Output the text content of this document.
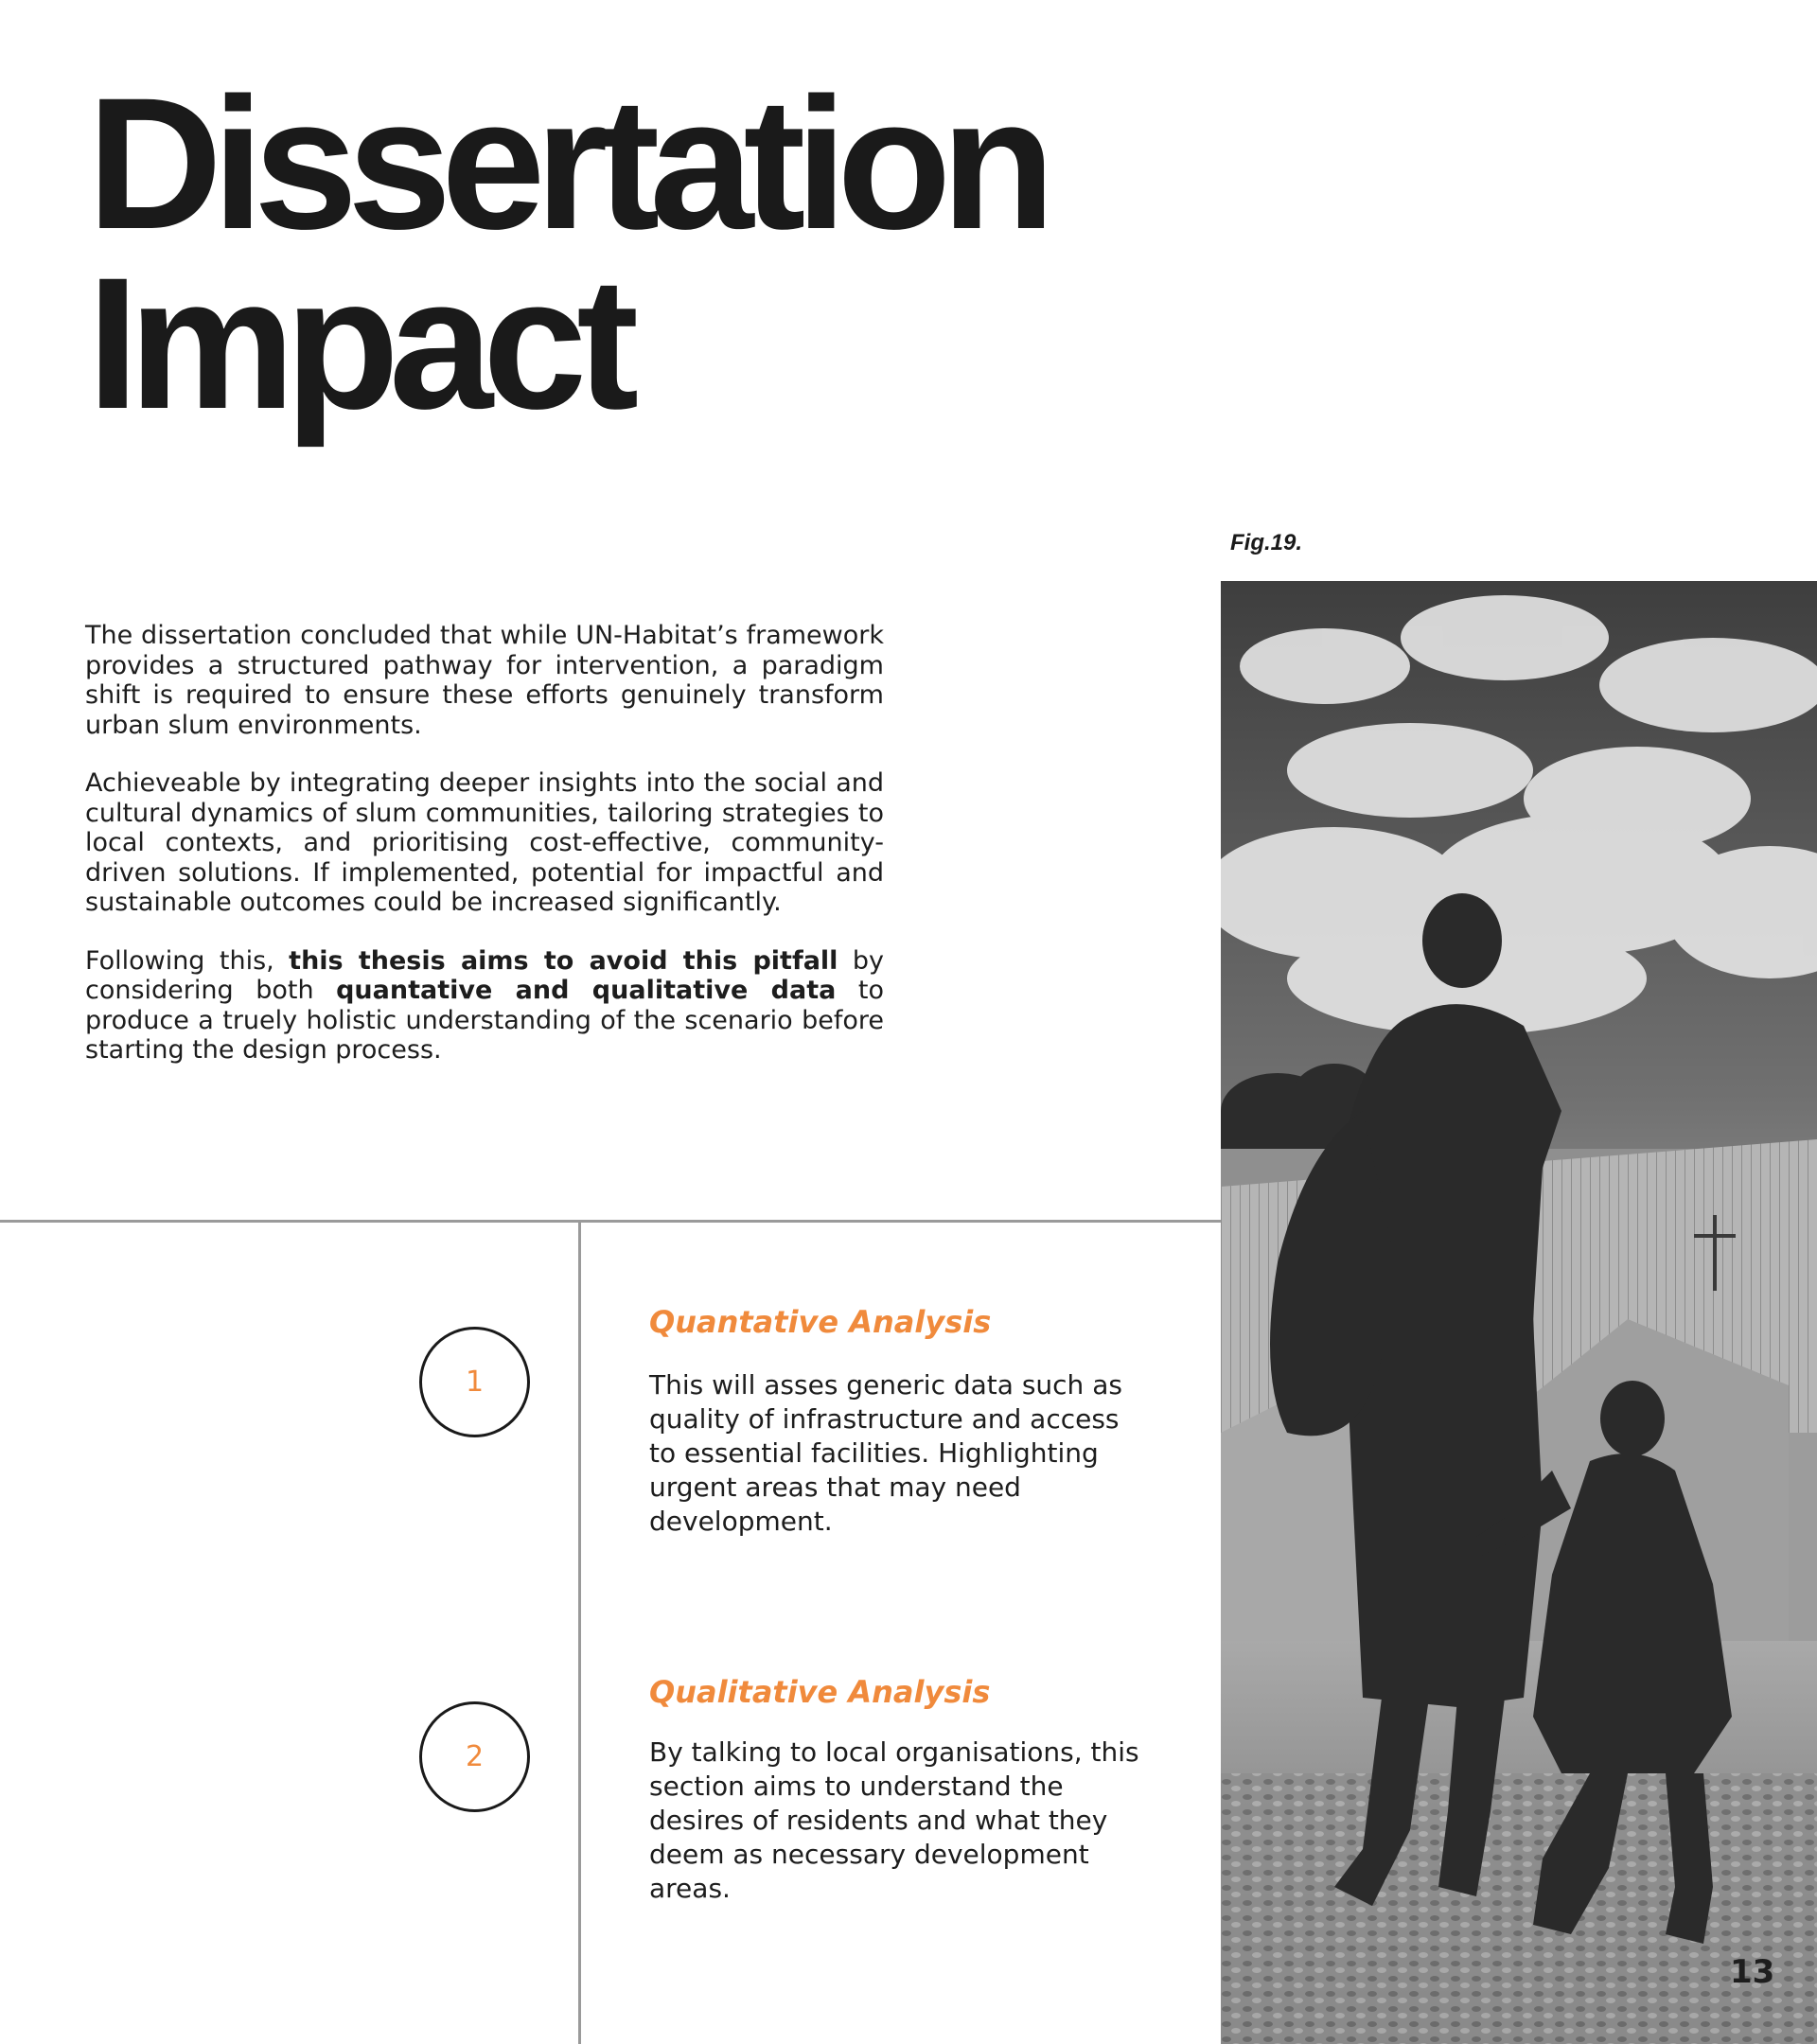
Dissertation
Impact
Fig.19.

The dissertation concluded that while UN-Habitat’s framework provides a structured pathway for intervention, a paradigm shift is required to ensure these efforts genuinely transform urban slum environments.

Achieveable by integrating deeper insights into the social and cultural dynamics of slum communities, tailoring strategies to local contexts, and prioritising cost-effective, community-driven solutions. If implemented, potential for impactful and sustainable outcomes could be increased significantly.

Following this, this thesis aims to avoid this pitfall by considering both quantative and qualitative data to produce a truely holistic understanding of the scenario before starting the design process.

1
Quantative Analysis
This will asses generic data such as quality of infrastructure and access to essential facilities. Highlighting urgent areas that may need development.
2
Qualitative Analysis
By talking to local organisations, this section aims to understand the desires of residents and what they deem as necessary development areas.
13
